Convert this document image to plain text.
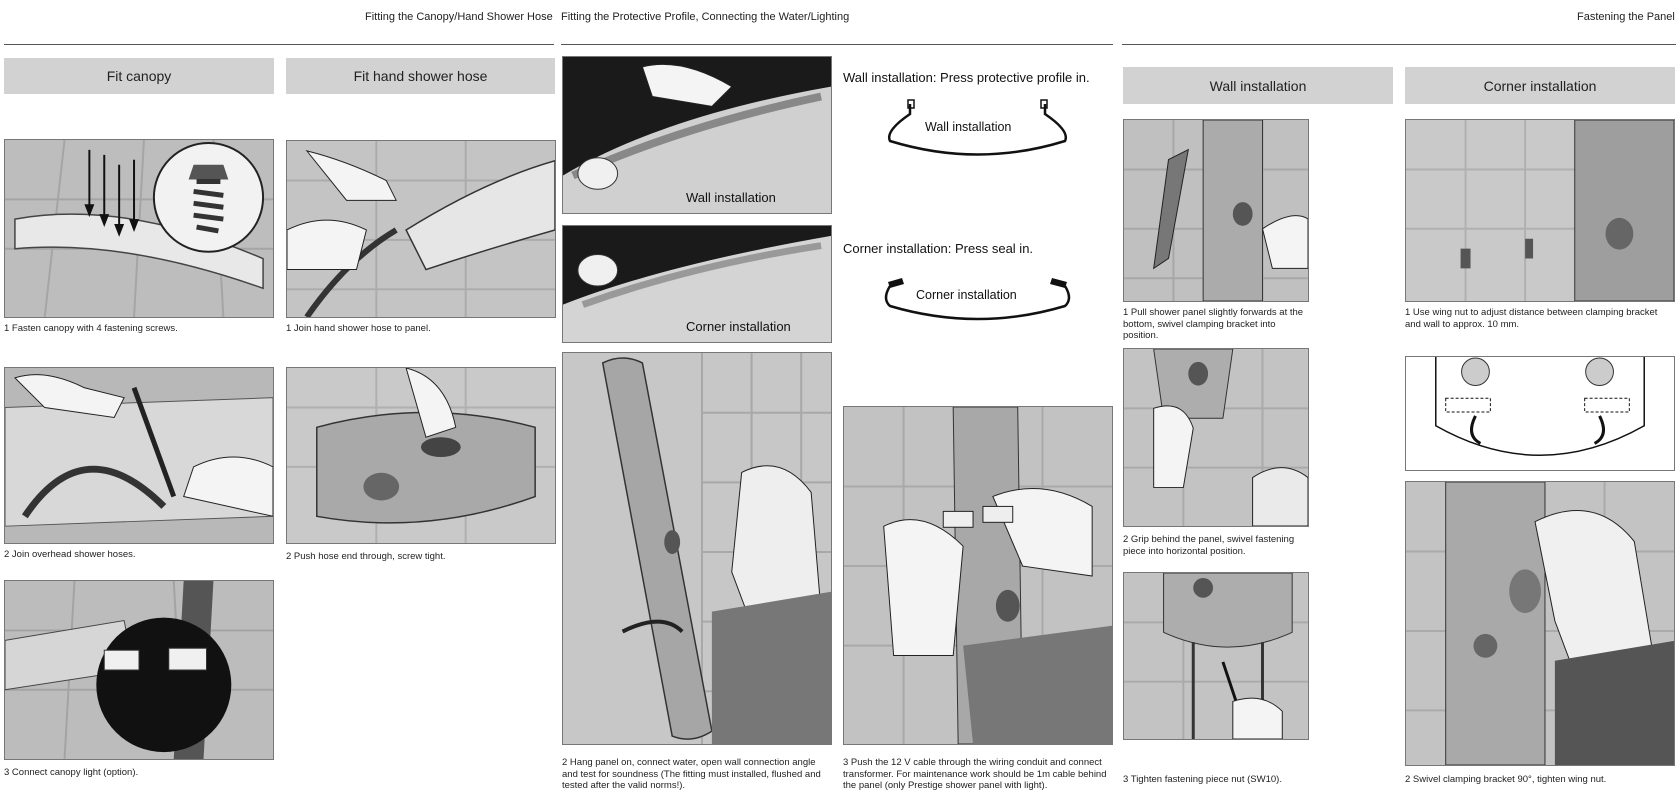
Fitting the Canopy/Hand Shower Hose Fitting the Protective Profile, Connecting the Water/Lighting	Fastening the Panel
Fit canopy	Fit hand shower hose
Wall installation	Corner installation
1 Fasten canopy with 4 fastening screws.
2 Join overhead shower hoses.
3 Connect canopy light (option).
1 Join hand shower hose to panel.
2 Push hose end through, screw tight.
Wall installation
Corner installation
2 Hang panel on, connect water, open wall connection angle and test for soundness (The fitting must installed, flushed and tested after the valid norms!).
Wall installation: Press protective profile in.
Wall installation
Corner installation: Press seal in.
Corner installation
3 Push the 12 V cable through the wiring conduit and connect transformer. For maintenance work should be 1m cable behind the panel (only Prestige shower panel with light).
1 Pull shower panel slightly forwards at the bottom, swivel clamping bracket into position.
2 Grip behind the panel, swivel fastening piece into horizontal position.
3 Tighten fastening piece nut (SW10).
1 Use wing nut to adjust distance between clamping bracket and wall to approx. 10 mm.
2 Swivel clamping bracket 90°, tighten wing nut.
